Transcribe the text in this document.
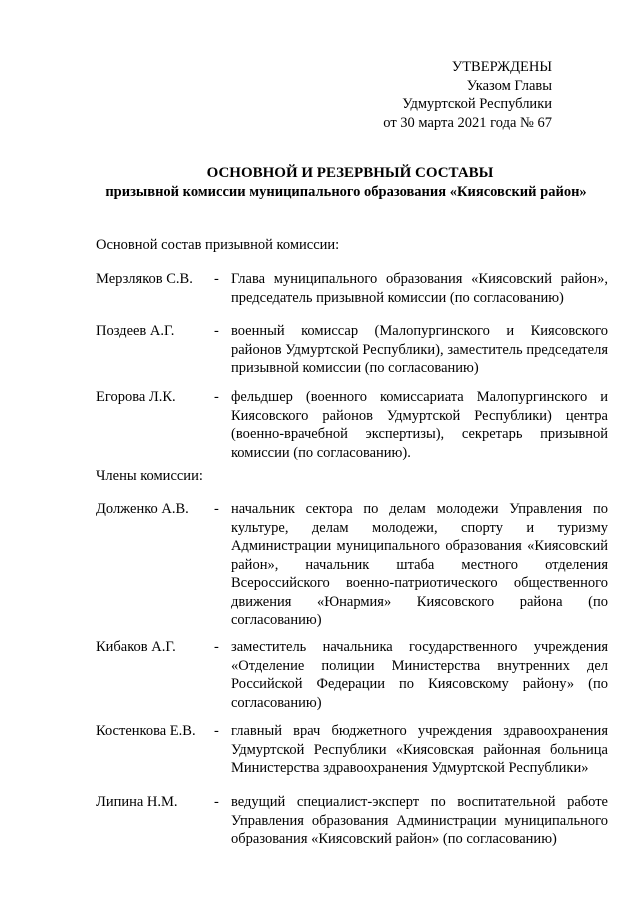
УТВЕРЖДЕНЫ
Указом Главы
Удмуртской Республики
от 30 марта 2021 года № 67
ОСНОВНОЙ И РЕЗЕРВНЫЙ СОСТАВЫ
призывной комиссии муниципального образования «Киясовский район»
Основной состав призывной комиссии:
Мерзляков С.В. - Глава муниципального образования «Киясовский район», председатель призывной комиссии (по согласованию)
Поздеев А.Г.	- военный комиссар (Малопургинского и Киясовского районов Удмуртской Республики), заместитель председателя призывной комиссии (по согласованию)
Егорова Л.К.	- фельдшер (военного комиссариата Малопургинского и Киясовского районов Удмуртской Республики) центра (военно-врачебной экспертизы), секретарь призывной комиссии (по согласованию).
Члены комиссии:
Долженко А.В. - начальник сектора по делам молодежи Управления по культуре, делам молодежи, спорту и туризму Администрации муниципального образования «Киясовский район», начальник штаба местного отделения Всероссийского военно-патриотического общественного движения «Юнармия» Киясовского района (по согласованию)
Кибаков А.Г.	- заместитель начальника государственного учреждения «Отделение полиции Министерства внутренних дел Российской Федерации по Киясовскому району» (по согласованию)
Костенкова Е.В. - главный врач бюджетного учреждения здравоохранения Удмуртской Республики «Киясовская районная больница Министерства здравоохранения Удмуртской Республики»
Липина Н.М.	- ведущий специалист-эксперт по воспитательной работе Управления образования Администрации муниципального образования «Киясовский район» (по согласованию)
